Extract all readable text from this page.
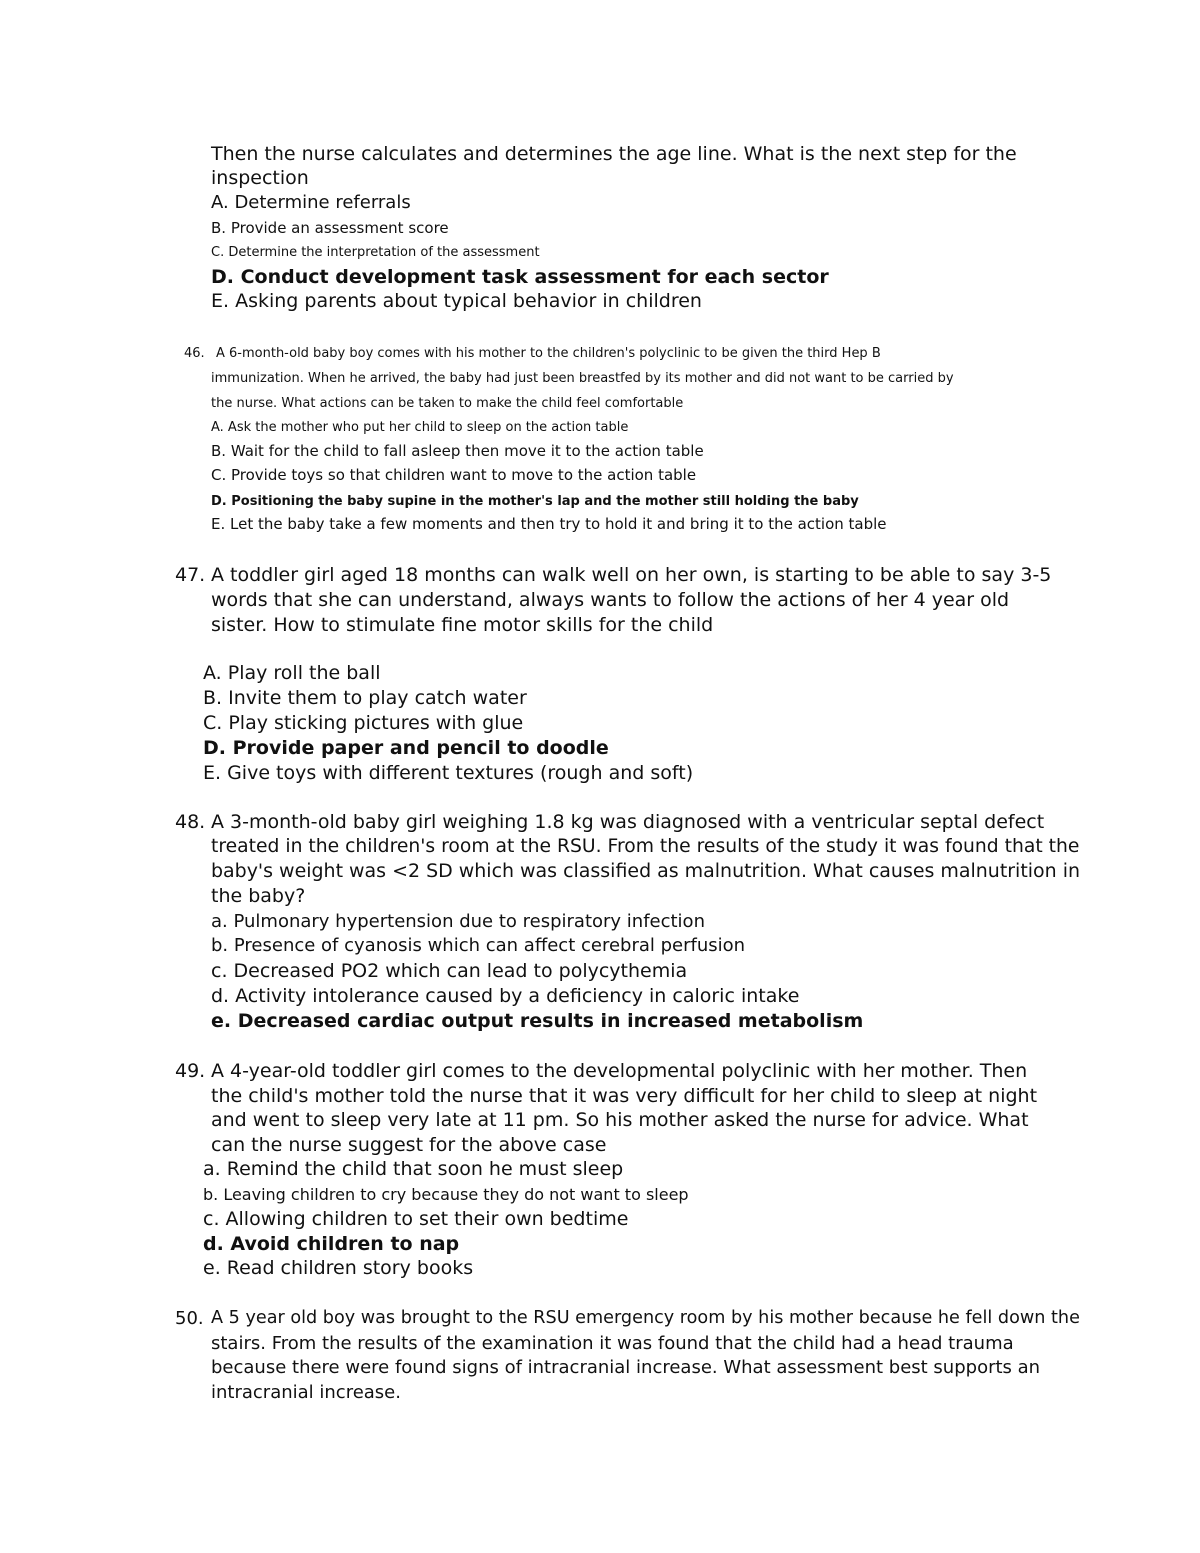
Then the nurse calculates and determines the age line. What is the next step for the
inspection
A. Determine referrals
B. Provide an assessment score
C. Determine the interpretation of the assessment
D. Conduct development task assessment for each sector
E. Asking parents about typical behavior in children
46. A 6-month-old baby boy comes with his mother to the children's polyclinic to be given the third Hep B
immunization. When he arrived, the baby had just been breastfed by its mother and did not want to be carried by
the nurse. What actions can be taken to make the child feel comfortable
A. Ask the mother who put her child to sleep on the action table
B. Wait for the child to fall asleep then move it to the action table
C. Provide toys so that children want to move to the action table
D. Positioning the baby supine in the mother's lap and the mother still holding the baby
E. Let the baby take a few moments and then try to hold it and bring it to the action table
47. A toddler girl aged 18 months can walk well on her own, is starting to be able to say 3-5
words that she can understand, always wants to follow the actions of her 4 year old
sister. How to stimulate fine motor skills for the child
A. Play roll the ball
B. Invite them to play catch water
C. Play sticking pictures with glue
D. Provide paper and pencil to doodle
E. Give toys with different textures (rough and soft)
48. A 3-month-old baby girl weighing 1.8 kg was diagnosed with a ventricular septal defect
treated in the children's room at the RSU. From the results of the study it was found that the
baby's weight was <2 SD which was classified as malnutrition. What causes malnutrition in
the baby?
a. Pulmonary hypertension due to respiratory infection
b. Presence of cyanosis which can affect cerebral perfusion
c. Decreased PO2 which can lead to polycythemia
d. Activity intolerance caused by a deficiency in caloric intake
e. Decreased cardiac output results in increased metabolism
49. A 4-year-old toddler girl comes to the developmental polyclinic with her mother. Then
the child's mother told the nurse that it was very difficult for her child to sleep at night
and went to sleep very late at 11 pm. So his mother asked the nurse for advice. What
can the nurse suggest for the above case
a. Remind the child that soon he must sleep
b. Leaving children to cry because they do not want to sleep
c. Allowing children to set their own bedtime
d. Avoid children to nap
e. Read children story books
50. A 5 year old boy was brought to the RSU emergency room by his mother because he fell down the
stairs. From the results of the examination it was found that the child had a head trauma
because there were found signs of intracranial increase. What assessment best supports an
intracranial increase.
